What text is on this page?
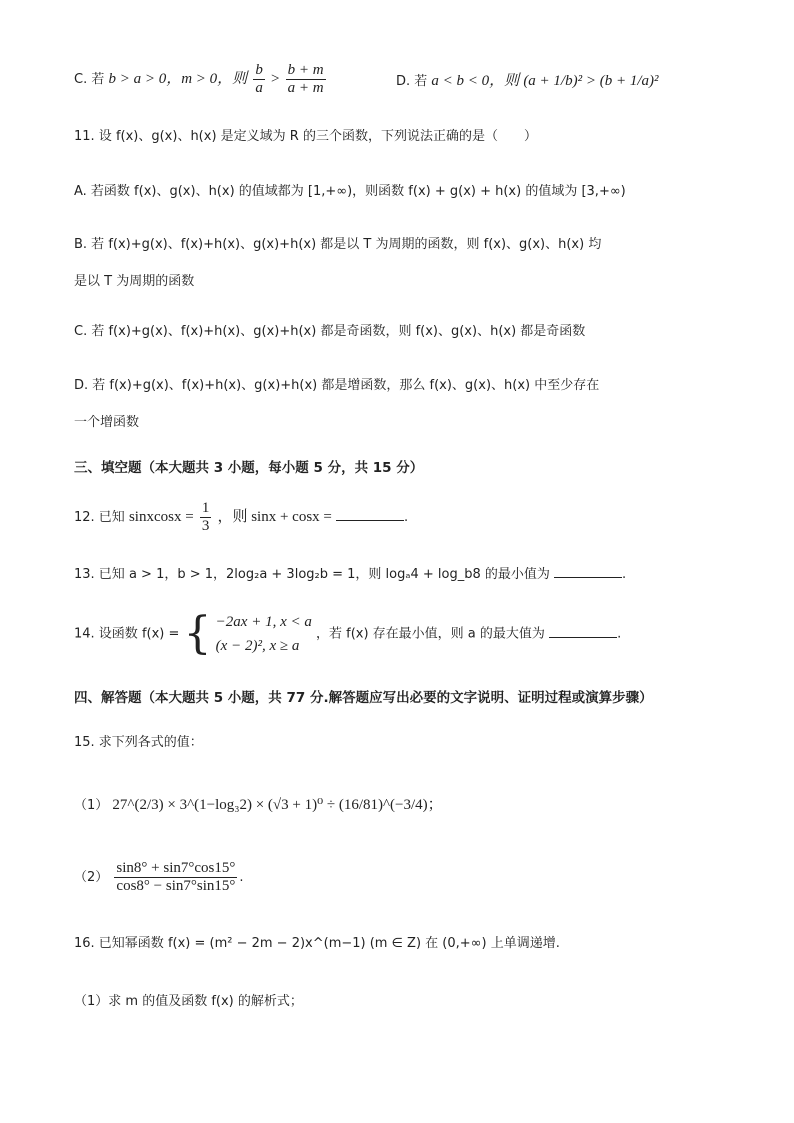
C. 若 b > a > 0，m > 0，则 $\frac{b}{a} > \frac{b + m}{a + m}$	D. 若 a < b < 0，则 (a + 1/b)² > (b + 1/a)²
11. 设 f(x)、g(x)、h(x) 是定义域为 R 的三个函数，下列说法正确的是（　　）
A. 若函数 f(x)、g(x)、h(x) 的值域都为 [1,+∞)，则函数 f(x) + g(x) + h(x) 的值域为 [3,+∞)
B. 若 f(x)+g(x)、f(x)+h(x)、g(x)+h(x) 都是以 T 为周期的函数，则 f(x)、g(x)、h(x) 均
是以 T 为周期的函数
C. 若 f(x)+g(x)、f(x)+h(x)、g(x)+h(x) 都是奇函数，则 f(x)、g(x)、h(x) 都是奇函数
D. 若 f(x)+g(x)、f(x)+h(x)、g(x)+h(x) 都是增函数，那么 f(x)、g(x)、h(x) 中至少存在
一个增函数
三、填空题（本大题共 3 小题，每小题 5 分，共 15 分）
12. 已知 sinxcosx = $\frac{1}{3}$ ，则 sinx + cosx =	.
13. 已知 a > 1，b > 1，2log₂a + 3log₂b = 1，则 logₐ4 + log_b8 的最小值为	.
14. 设函数 f(x) = { −2ax + 1, x < a
(x − 2)², x ≥ a
，若 f(x) 存在最小值，则 a 的最大值为	.
四、解答题（本大题共 5 小题，共 77 分.解答题应写出必要的文字说明、证明过程或演算步骤）
15. 求下列各式的值：
（1） 27^(2/3) × 3^(1−log₃2) × (√3 + 1)⁰ ÷ (16/81)^(−3/4)；
$(2) \frac{\sin 8^\circ + \sin 7^\circ\cos 15^\circ}{\cos 8^\circ - \sin 7^\circ\sin 15^\circ}$ .
16. 已知幂函数 f(x) = (m² − 2m − 2)x^(m−1) (m ∈ Z) 在 (0,+∞) 上单调递增.
（1）求 m 的值及函数 f(x) 的解析式；
